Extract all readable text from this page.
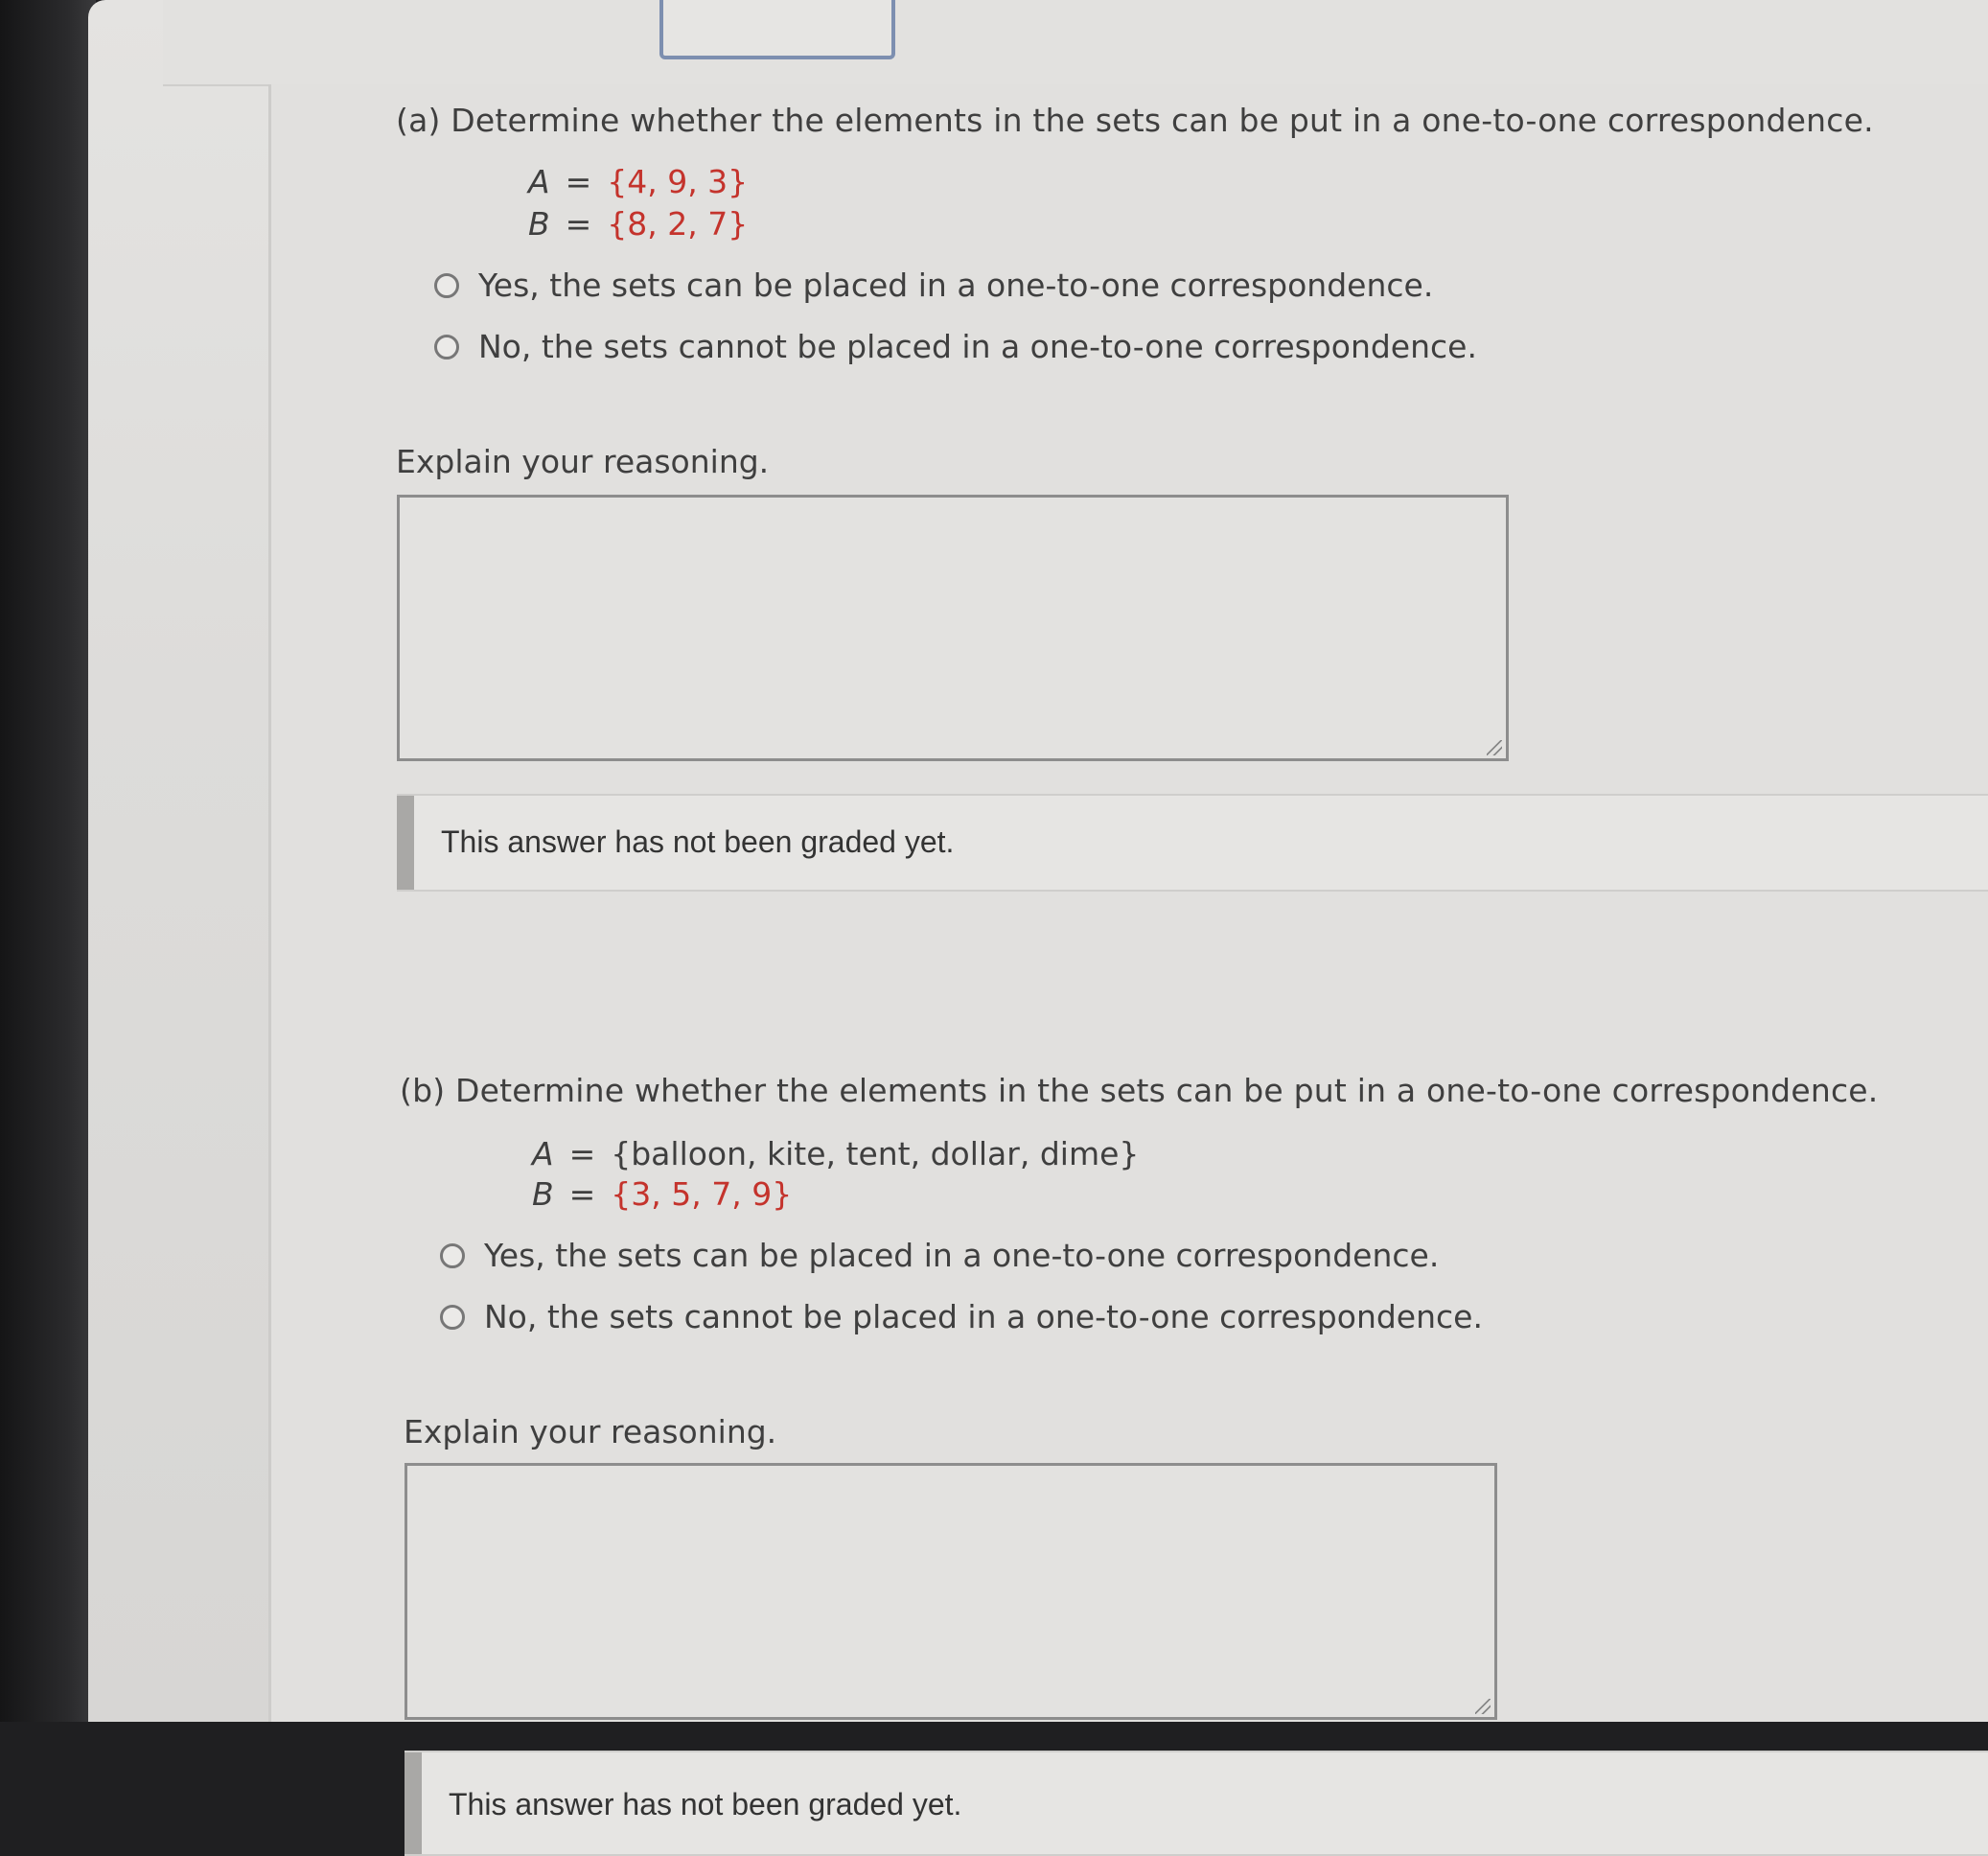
(a) Determine whether the elements in the sets can be put in a one-to-one correspondence.
A = {4, 9, 3}
B = {8, 2, 7}
Yes, the sets can be placed in a one-to-one correspondence.
No, the sets cannot be placed in a one-to-one correspondence.
Explain your reasoning.
This answer has not been graded yet.
(b) Determine whether the elements in the sets can be put in a one-to-one correspondence.
A = {balloon, kite, tent, dollar, dime}
B = {3, 5, 7, 9}
Yes, the sets can be placed in a one-to-one correspondence.
No, the sets cannot be placed in a one-to-one correspondence.
Explain your reasoning.
This answer has not been graded yet.
